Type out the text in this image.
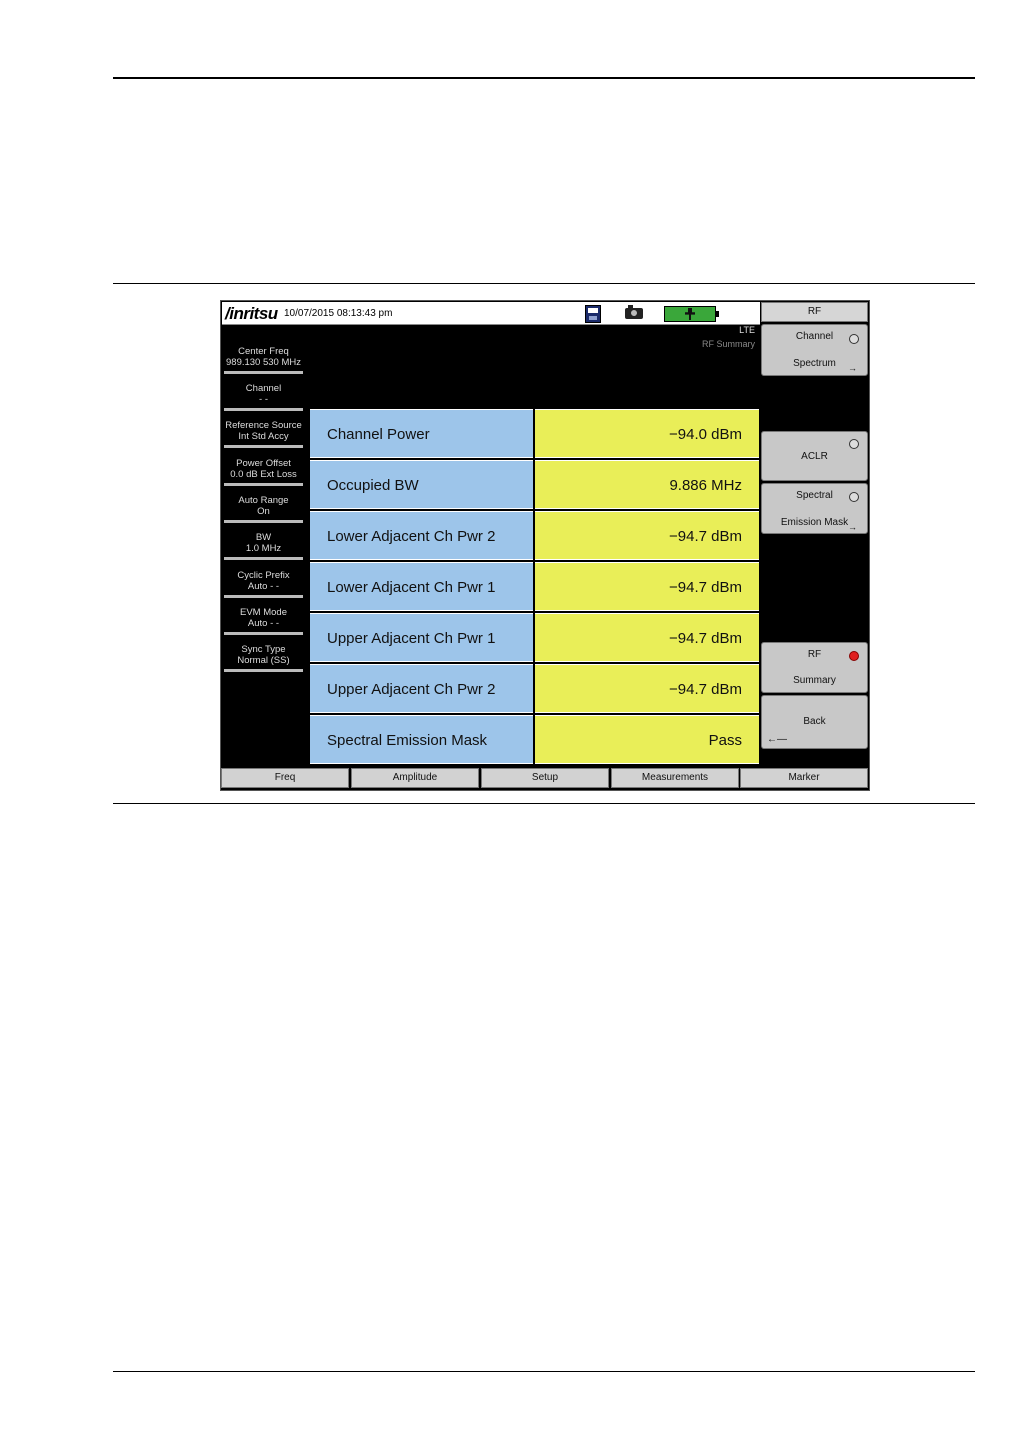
/inritsu 10/07/2015 08:13:43 pm
LTE
RF Summary
Center Freq
989.130 530 MHz
Channel
- -
Reference Source
Int Std Accy
Power Offset
0.0 dB Ext Loss
Auto Range
On
BW
1.0 MHz
Cyclic Prefix
Auto - -
EVM Mode
Auto - -
Sync Type
Normal (SS)
Channel Power	−94.0 dBm
Occupied BW	9.886 MHz
Lower Adjacent Ch Pwr 2	−94.7 dBm
Lower Adjacent Ch Pwr 1	−94.7 dBm
Upper Adjacent Ch Pwr 1	−94.7 dBm
Upper Adjacent Ch Pwr 2	−94.7 dBm
Spectral Emission Mask	Pass
RF
Channel
Spectrum	→
ACLR
Spectral
Emission Mask →
RF
Summary
Back
←—
Freq	Amplitude	Setup	Measurements	Marker
